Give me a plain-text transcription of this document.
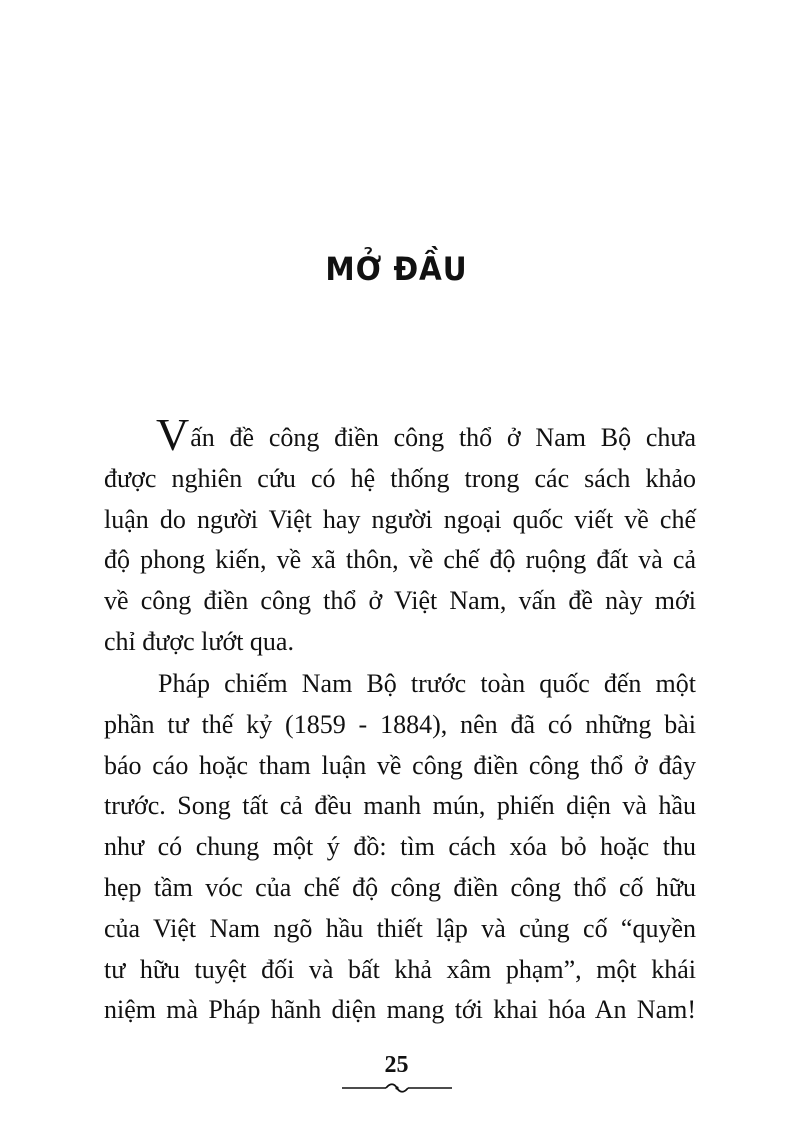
MỞ ĐẦU
Vấn đề công điền công thổ ở Nam Bộ chưa
được nghiên cứu có hệ thống trong các sách khảo
luận do người Việt hay người ngoại quốc viết về chế
độ phong kiến, về xã thôn, về chế độ ruộng đất và cả
về công điền công thổ ở Việt Nam, vấn đề này mới
chỉ được lướt qua.
Pháp chiếm Nam Bộ trước toàn quốc đến một
phần tư thế kỷ (1859 - 1884), nên đã có những bài
báo cáo hoặc tham luận về công điền công thổ ở đây
trước. Song tất cả đều manh mún, phiến diện và hầu
như có chung một ý đồ: tìm cách xóa bỏ hoặc thu
hẹp tầm vóc của chế độ công điền công thổ cố hữu
của Việt Nam ngõ hầu thiết lập và củng cố “quyền
tư hữu tuyệt đối và bất khả xâm phạm”, một khái
niệm mà Pháp hãnh diện mang tới khai hóa An Nam!
25
